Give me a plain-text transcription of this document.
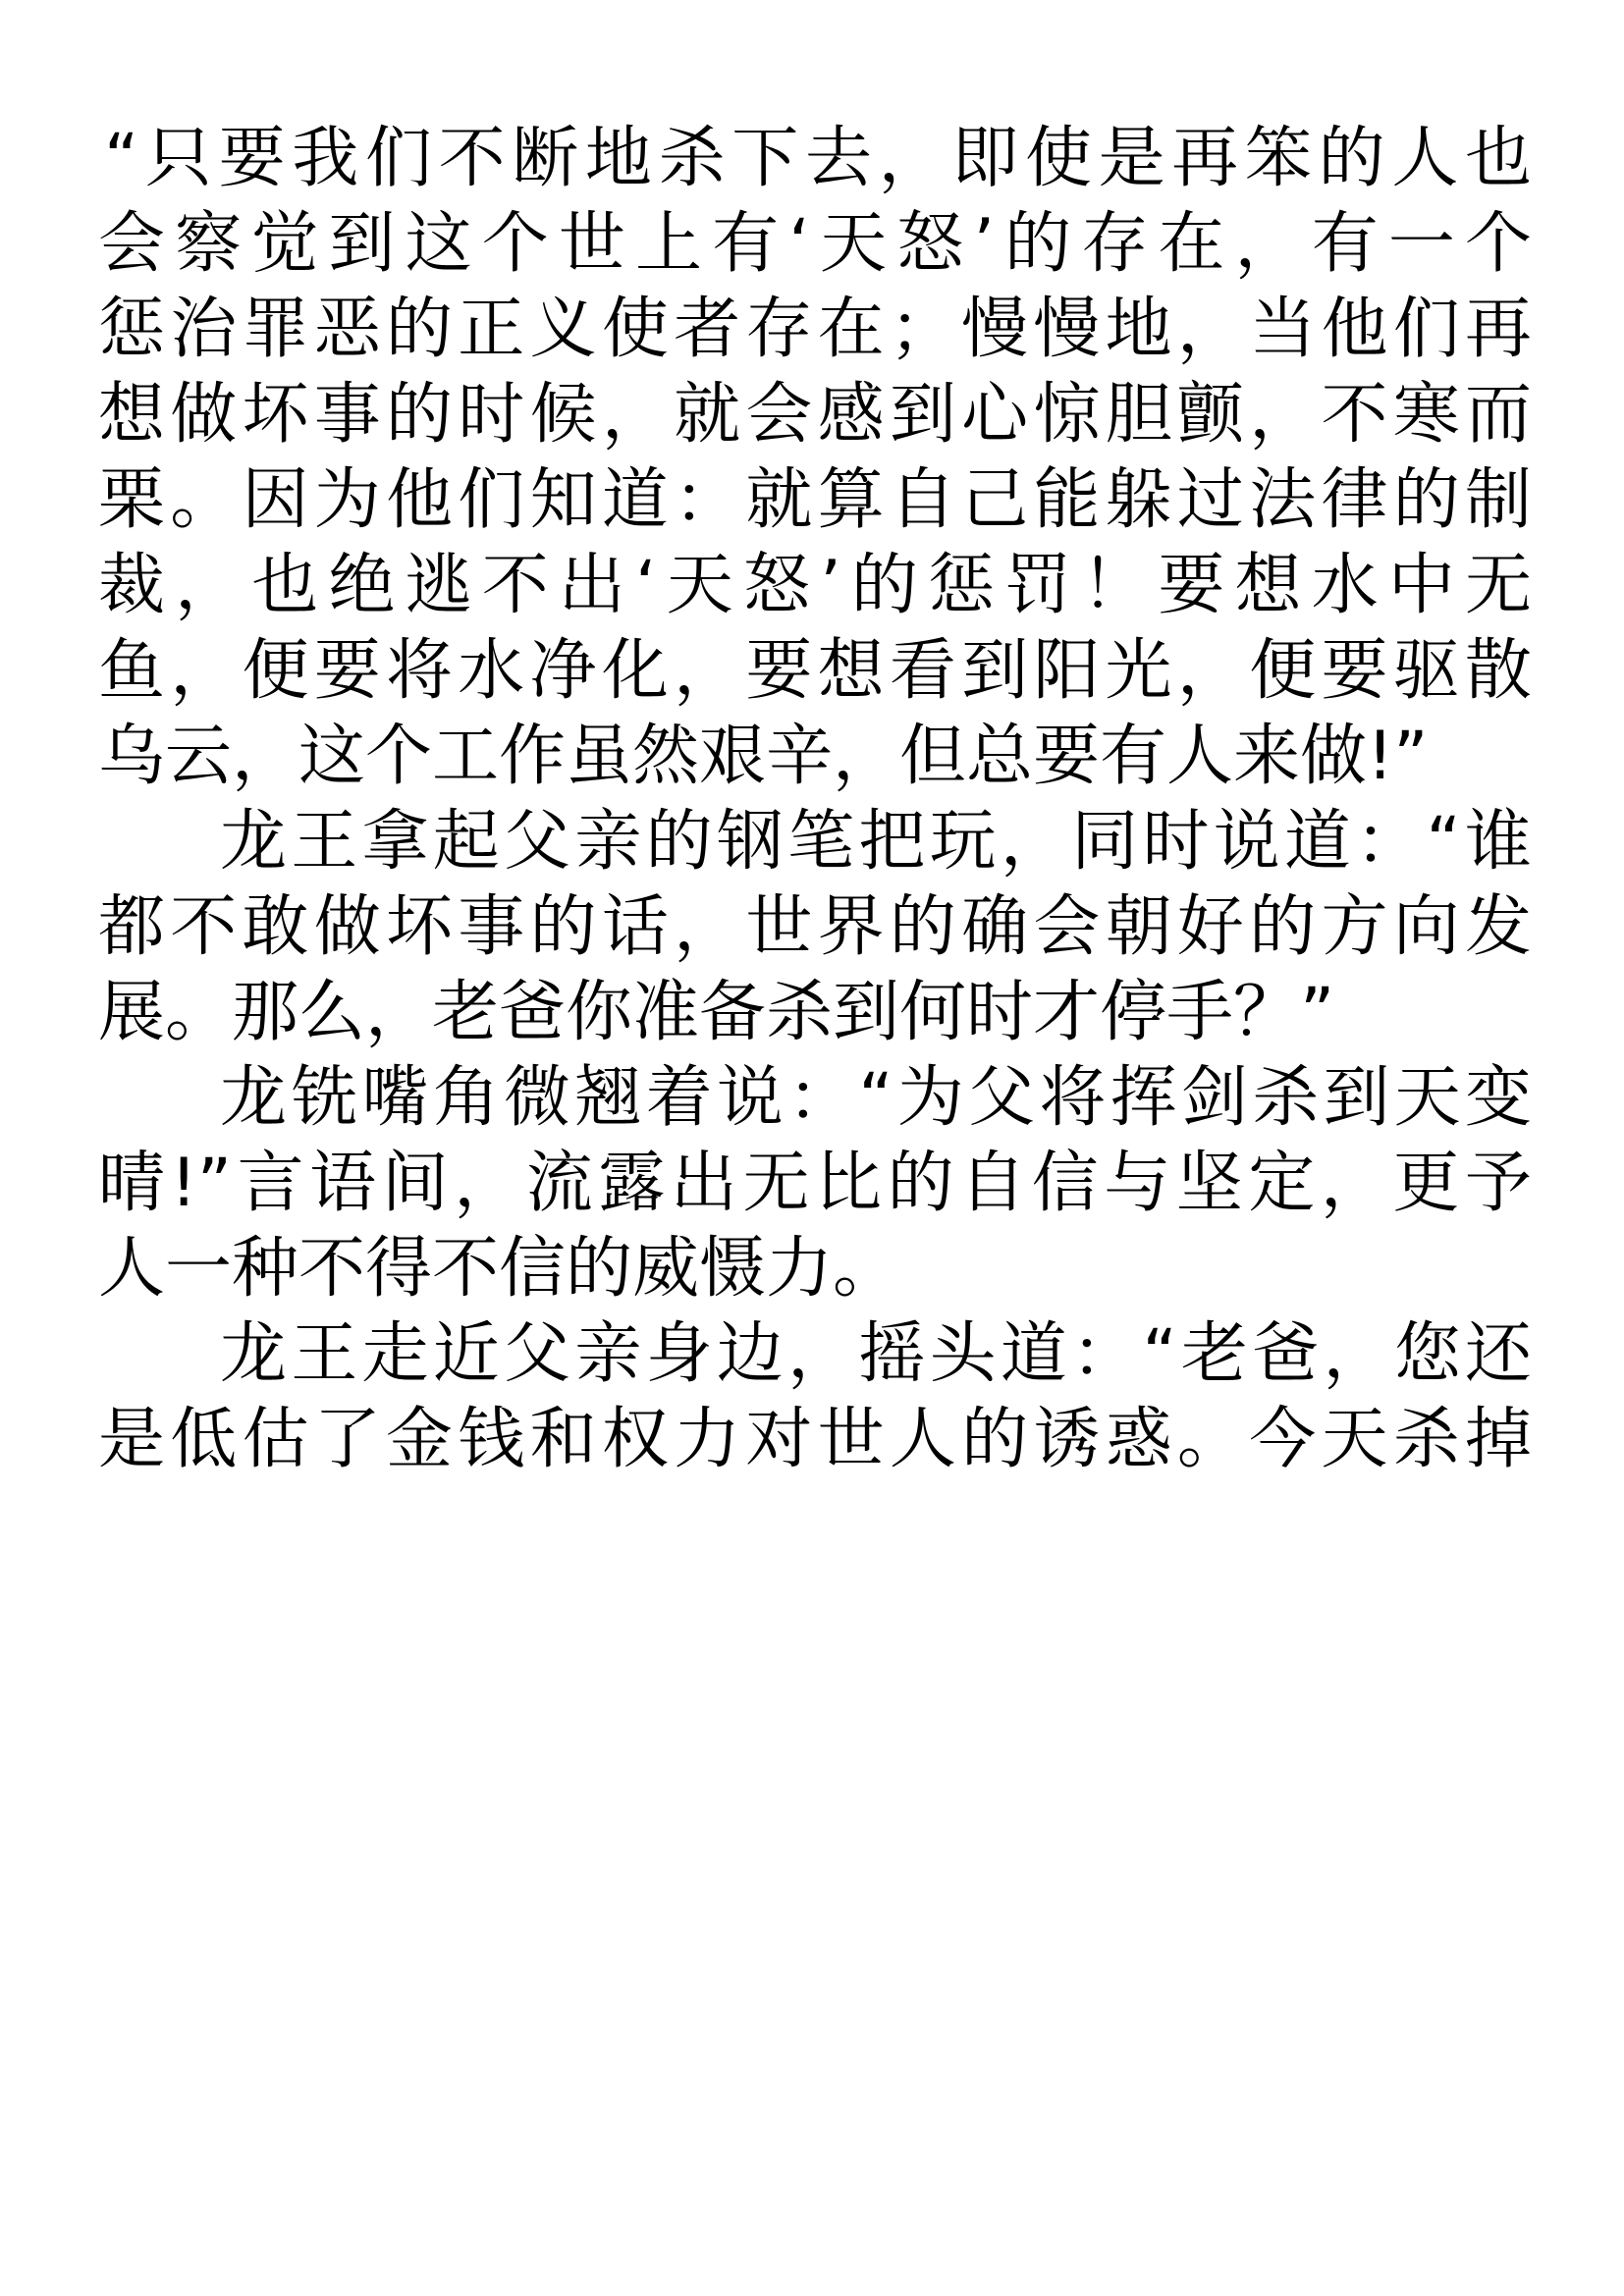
“只要我们不断地杀下去，即使是再笨的人也
会察觉到这个世上有‘天怒’的存在，有一个
惩治罪恶的正义使者存在；慢慢地，当他们再
想做坏事的时候，就会感到心惊胆颤，不寒而
栗。因为他们知道：就算自己能躲过法律的制
裁，也绝逃不出‘天怒’的惩罚！要想水中无
鱼，便要将水净化，要想看到阳光，便要驱散
乌云，这个工作虽然艰辛，但总要有人来做!”
龙王拿起父亲的钢笔把玩，同时说道：“谁
都不敢做坏事的话，世界的确会朝好的方向发
展。那么，老爸你准备杀到何时才停手？”
龙铣嘴角微翘着说：“为父将挥剑杀到天变
晴!”言语间，流露出无比的自信与坚定，更予
人一种不得不信的威慑力。
龙王走近父亲身边，摇头道：“老爸，您还
是低估了金钱和权力对世人的诱惑。今天杀掉
